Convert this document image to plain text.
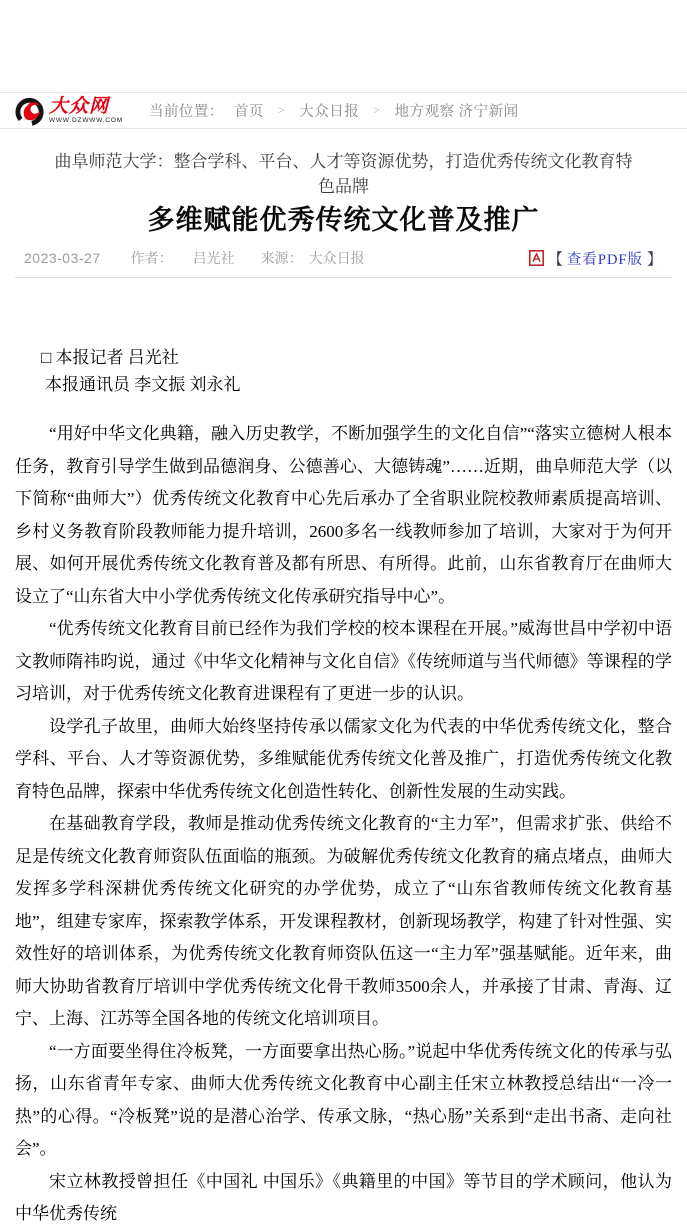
大众网
WWW.DZWWW.COM
当前位置： 首页 > 大众日报 > 地方观察 济宁新闻
曲阜师范大学：整合学科、平台、人才等资源优势，打造优秀传统文化教育特色品牌
多维赋能优秀传统文化普及推广
2023-03-27 作者： 吕光社 来源： 大众日报	【 查看PDF版 】
□ 本报记者 吕光社
本报通讯员 李文振 刘永礼

“用好中华文化典籍，融入历史教学，不断加强学生的文化自信”“落实立德树人根本任务，教育引导学生做到品德润身、公德善心、大德铸魂”……近期，曲阜师范大学（以下简称“曲师大”）优秀传统文化教育中心先后承办了全省职业院校教师素质提高培训、乡村义务教育阶段教师能力提升培训，2600多名一线教师参加了培训，大家对于为何开展、如何开展优秀传统文化教育普及都有所思、有所得。此前，山东省教育厅在曲师大设立了“山东省大中小学优秀传统文化传承研究指导中心”。

“优秀传统文化教育目前已经作为我们学校的校本课程在开展。”威海世昌中学初中语文教师隋祎昀说，通过《中华文化精神与文化自信》《传统师道与当代师德》等课程的学习培训，对于优秀传统文化教育进课程有了更进一步的认识。

设学孔子故里，曲师大始终坚持传承以儒家文化为代表的中华优秀传统文化，整合学科、平台、人才等资源优势，多维赋能优秀传统文化普及推广，打造优秀传统文化教育特色品牌，探索中华优秀传统文化创造性转化、创新性发展的生动实践。

在基础教育学段，教师是推动优秀传统文化教育的“主力军”，但需求扩张、供给不足是传统文化教育师资队伍面临的瓶颈。为破解优秀传统文化教育的痛点堵点，曲师大发挥多学科深耕优秀传统文化研究的办学优势，成立了“山东省教师传统文化教育基地”，组建专家库，探索教学体系，开发课程教材，创新现场教学，构建了针对性强、实效性好的培训体系，为优秀传统文化教育师资队伍这一“主力军”强基赋能。近年来，曲师大协助省教育厅培训中学优秀传统文化骨干教师3500余人，并承接了甘肃、青海、辽宁、上海、江苏等全国各地的传统文化培训项目。

“一方面要坐得住冷板凳，一方面要拿出热心肠。”说起中华优秀传统文化的传承与弘扬，山东省青年专家、曲师大优秀传统文化教育中心副主任宋立林教授总结出“一冷一热”的心得。“冷板凳”说的是潜心治学、传承文脉，“热心肠”关系到“走出书斋、走向社会”。

宋立林教授曾担任《中国礼 中国乐》《典籍里的中国》等节目的学术顾问，他认为中华优秀传统
